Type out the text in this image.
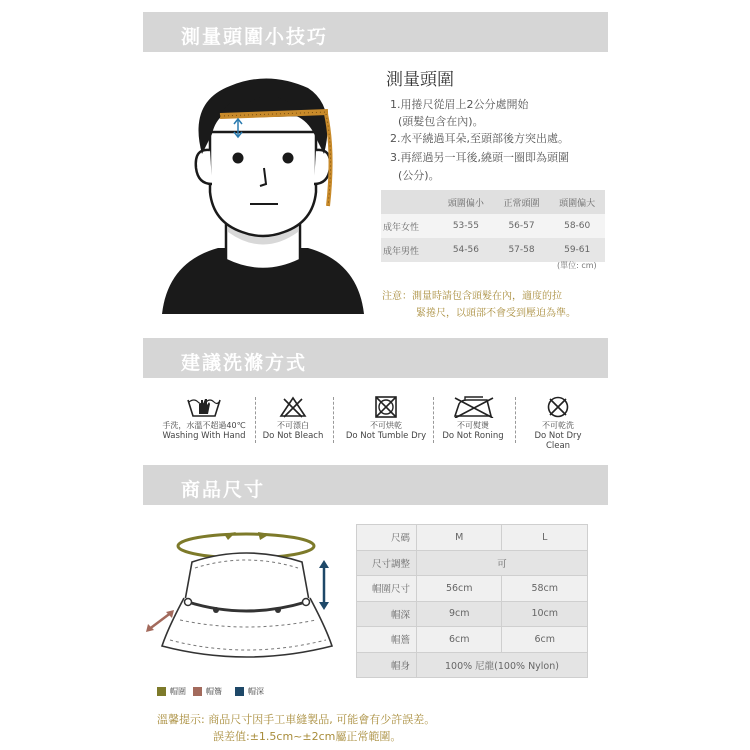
測量頭圍小技巧
測量頭圍
1.用捲尺從眉上2公分處開始
(頭髮包含在內)。
2.水平繞過耳朵,至頭部後方突出處。
3.再經過另一耳後,繞頭一圈即為頭圍
(公分)。
	頭圍偏小	正常頭圍	頭圍偏大
成年女性	53-55	56-57	58-60
成年男性	54-56	57-58	59-61
(單位: cm)
注意：測量時請包含頭髮在內，適度的拉
緊捲尺，以頭部不會受到壓迫為準。
建議洗滌方式
手洗，水溫不超過40℃
Washing With Hand
不可漂白
Do Not Bleach
不可烘乾
Do Not Tumble Dry
不可熨燙
Do Not Roning
不可乾洗
Do Not Dry Clean
商品尺寸
尺碼	M	L
尺寸調整	可	
帽圍尺寸	56cm	58cm
帽深	9cm	10cm
帽簷	6cm	6cm
帽身	100% 尼龍(100% Nylon)	
帽圍	帽簷	帽深
溫馨提示: 商品尺寸因手工車縫製品, 可能會有少許誤差。
誤差值:±1.5cm~±2cm屬正常範圍。
